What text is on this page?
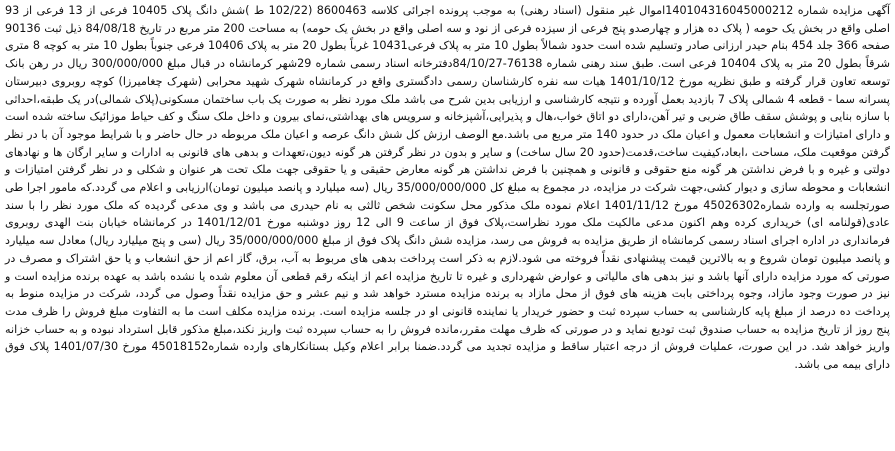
آگهی مزایده شماره 140104316045000212اموال غیر منقول (اسناد رهنی) به موجب پرونده اجرائی کلاسه 8600463 (102/22 ط )شش دانگ پلاک 10405 فرعی از 13 فرعی از 93 اصلی واقع در بخش یک حومه ( پلاک ده هزار و چهارصدو پنج فرعی از سیزده فرعی از نود و سه اصلی واقع در بخش یک حومه) به مساحت 200 متر مربع در تاریخ 84/08/18 ذیل ثبت 90136 صفحه 366 جلد 454 بنام حیدر ارزانی صادر وتسلیم شده است حدود شمالاً بطول 10 متر به پلاک فرعی10431 غرباً بطول 20 متر به پلاک 10406 فرعی جنوباً بطول 10 متر به کوچه 8 متری شرقاً بطول 20 متر به پلاک 10404 فرعی است. طبق سند رهنی شماره 76138-84/10/27دفترخانه اسناد رسمی شماره 29شهر کرمانشاه در قبال مبلغ 300/000/000 ریال در رهن بانک توسعه تعاون قرار گرفته و طبق نظریه مورخ 1401/10/12 هیات سه نفره کارشناسان رسمی دادگستری واقع در کرمانشاه شهرک شهید محرابی (شهرک چغامیرزا) کوچه روبروی دبیرستان پسرانه سما - قطعه 4 شمالی پلاک 7 بازدید بعمل آورده و نتیجه کارشناسی و ارزیابی بدین شرح می باشد ملک مورد نظر به صورت یک باب ساختمان مسکونی(پلاک شمالی)در یک طبقه،احداثی با سازه بنایی و پوشش سقف طاق ضربی و تیر آهن،دارای دو اتاق خواب،هال و پذیرایی،آشپزخانه و سرویس های بهداشتی،نمای بیرون و داخل ملک سنگ و کف حیاط موزائیک ساخته شده است و دارای امتیازات و انشعابات معمول و اعیان ملک در حدود 140 متر مربع می باشد.مع الوصف ارزش کل شش دانگ عرصه و اعیان ملک مربوطه در حال حاضر و با شرایط موجود آن با در نظر گرفتن موقعیت ملک، مساحت ،ابعاد،کیفیت ساخت،قدمت(حدود 20 سال ساخت) و سایر و بدون در نظر گرفتن هر گونه دیون،تعهدات و بدهی های قانونی به ادارات و سایر ارگان ها و نهادهای دولتی و غیره و با فرض نداشتن هر گونه منع حقوقی و قانونی و همچنین با فرض نداشتن هر گونه معارض حقیقی و یا حقوقی جهت ملک تحت هر عنوان و شکلی و در نظر گرفتن امتیازات و انشعابات و محوطه سازی و دیوار کشی،جهت شرکت در مزایده، در مجموع به مبلغ کل 35/000/000/000 ریال (سه میلیارد و پانصد میلیون تومان)ارزیابی و اعلام می گردد.که مامور اجرا طی صورتجلسه به وارده شماره45026302 مورخ 1401/11/12 اعلام نموده ملک مذکور محل سکونت شخص ثالثی به نام حیدری می باشد و وی مدعی گردیده که ملک مورد نظر را با سند عادی(قولنامه ای) خریداری کرده وهم اکنون مدعی مالکیت ملک مورد نظراست،پلاک فوق از ساعت 9 الی 12 روز دوشنبه مورخ 1401/12/01 در کرمانشاه خیابان بنت الهدی روبروی فرمانداری در اداره اجرای اسناد رسمی کرمانشاه از طریق مزایده به فروش می رسد، مزایده شش دانگ پلاک فوق از مبلغ 35/000/000/000 ریال (سی و پنج میلیارد ریال) معادل سه میلیارد و پانصد میلیون تومان شروع و به بالاترین قیمت پیشنهادی نقداً فروخته می شود.لازم به ذکر است پرداخت بدهی های مربوط به آب، برق، گاز اعم از حق انشعاب و یا حق اشتراک و مصرف در صورتی که مورد مزایده دارای آنها باشد و نیز بدهی های مالیاتی و عوارض شهرداری و غیره تا تاریخ مزایده اعم از اینکه رقم قطعی آن معلوم شده یا نشده باشد به عهده برنده مزایده است و نیز در صورت وجود مازاد، وجوه پرداختی بابت هزینه های فوق از محل مازاد به برنده مزایده مسترد خواهد شد و نیم عشر و حق مزایده نقداً وصول می گردد، شرکت در مزایده منوط به پرداخت ده درصد از مبلغ پایه کارشناسی به حساب سپرده ثبت و حضور خریدار یا نماینده قانونی او در جلسه مزایده است. برنده مزایده مکلف است ما به التفاوت مبلغ فروش را ظرف مدت پنج روز از تاریخ مزایده به حساب صندوق ثبت تودیع نماید و در صورتی که ظرف مهلت مقرر،مانده فروش را به حساب سپرده ثبت واریز نکند،مبلغ مذکور قابل استرداد نبوده و به حساب خزانه واریز خواهد شد. در این صورت، عملیات فروش از درجه اعتبار ساقط و مزایده تجدید می گردد.ضمنا برابر اعلام وکیل بستانکارهای وارده شماره45018152 مورخ 1401/07/30 پلاک فوق دارای بیمه می باشد.
